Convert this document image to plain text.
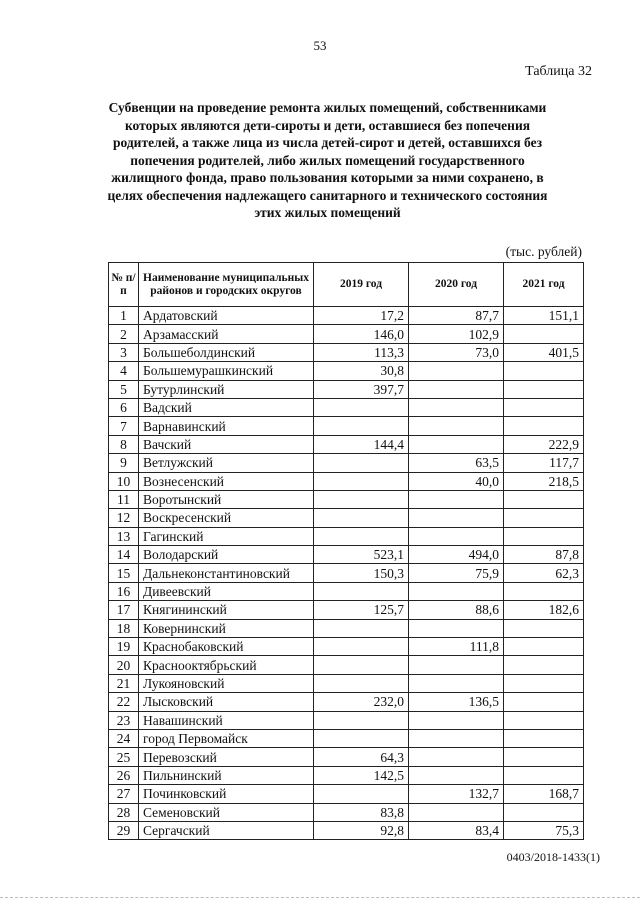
53
Таблица 32
Субвенции на проведение ремонта жилых помещений, собственниками которых являются дети-сироты и дети, оставшиеся без попечения родителей, а также лица из числа детей-сирот и детей, оставшихся без попечения родителей, либо жилых помещений государственного жилищного фонда, право пользования которыми за ними сохранено, в целях обеспечения надлежащего санитарного и технического состояния этих жилых помещений
(тыс. рублей)
№ п/п	Наименование муниципальных районов и городских округов	2019 год	2020 год	2021 год
1	Ардатовский	17,2	87,7	151,1
2	Арзамасский	146,0	102,9	
3	Большеболдинский	113,3	73,0	401,5
4	Большемурашкинский	30,8		
5	Бутурлинский	397,7		
6	Вадский			
7	Варнавинский			
8	Вачский	144,4		222,9
9	Ветлужский		63,5	117,7
10	Вознесенский		40,0	218,5
11	Воротынский			
12	Воскресенский			
13	Гагинский			
14	Володарский	523,1	494,0	87,8
15	Дальнеконстантиновский	150,3	75,9	62,3
16	Дивеевский			
17	Княгининский	125,7	88,6	182,6
18	Ковернинский			
19	Краснобаковский		111,8	
20	Краснооктябрьский			
21	Лукояновский			
22	Лысковский	232,0	136,5	
23	Навашинский			
24	город Первомайск			
25	Перевозский	64,3		
26	Пильнинский	142,5		
27	Починковский		132,7	168,7
28	Семеновский	83,8		
29	Сергачский	92,8	83,4	75,3
0403/2018-1433(1)
